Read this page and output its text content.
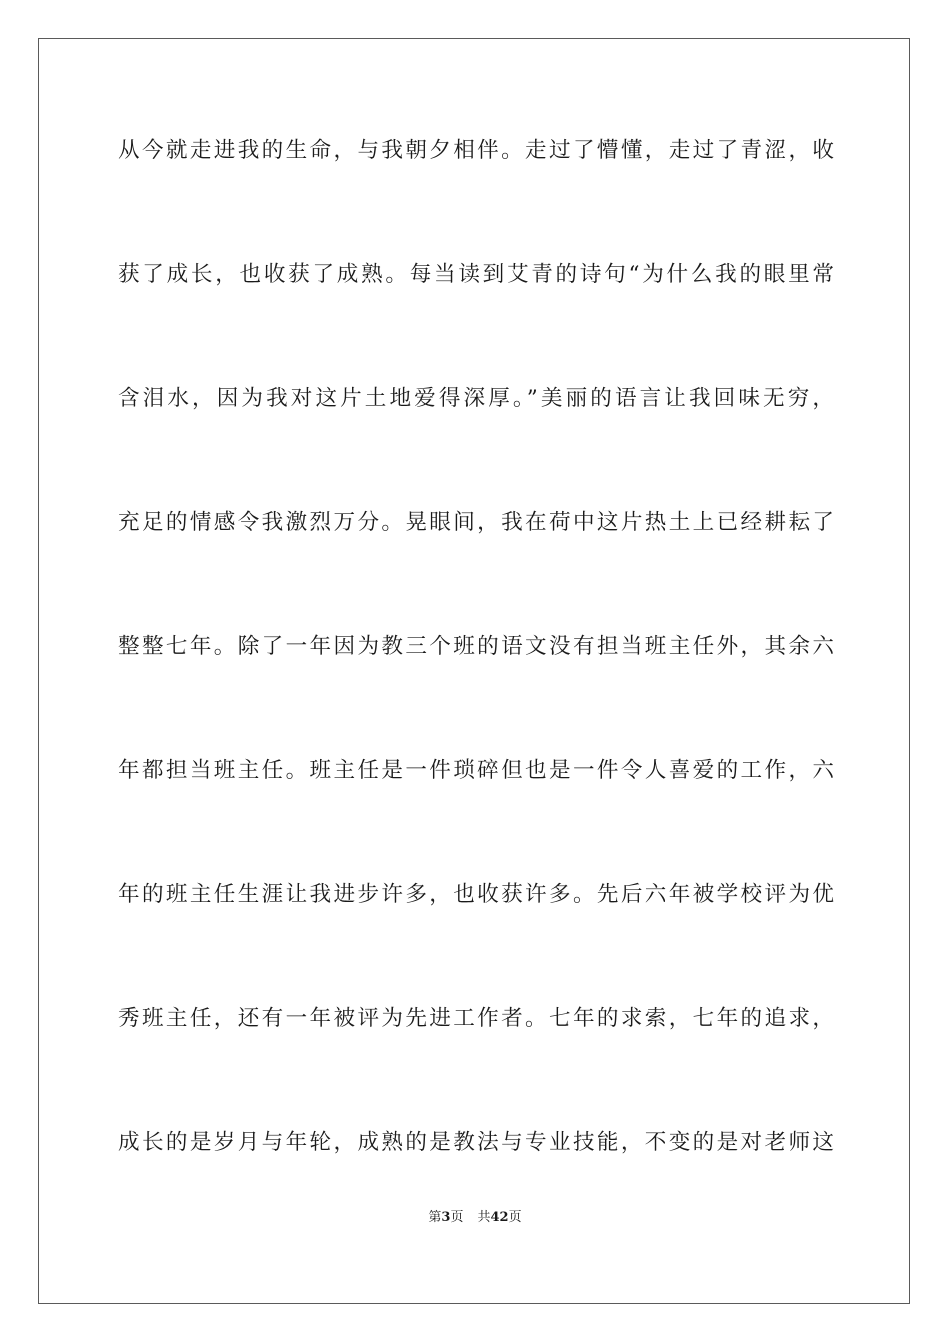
从今就走进我的生命，与我朝夕相伴。走过了懵懂，走过了青涩，收
获了成长，也收获了成熟。每当读到艾青的诗句“为什么我的眼里常
含泪水，因为我对这片土地爱得深厚。”美丽的语言让我回味无穷，
充足的情感令我激烈万分。晃眼间，我在荷中这片热土上已经耕耘了
整整七年。除了一年因为教三个班的语文没有担当班主任外，其余六
年都担当班主任。班主任是一件琐碎但也是一件令人喜爱的工作，六
年的班主任生涯让我进步许多，也收获许多。先后六年被学校评为优
秀班主任，还有一年被评为先进工作者。七年的求索，七年的追求，
成长的是岁月与年轮，成熟的是教法与专业技能，不变的是对老师这
第3页 共42页
